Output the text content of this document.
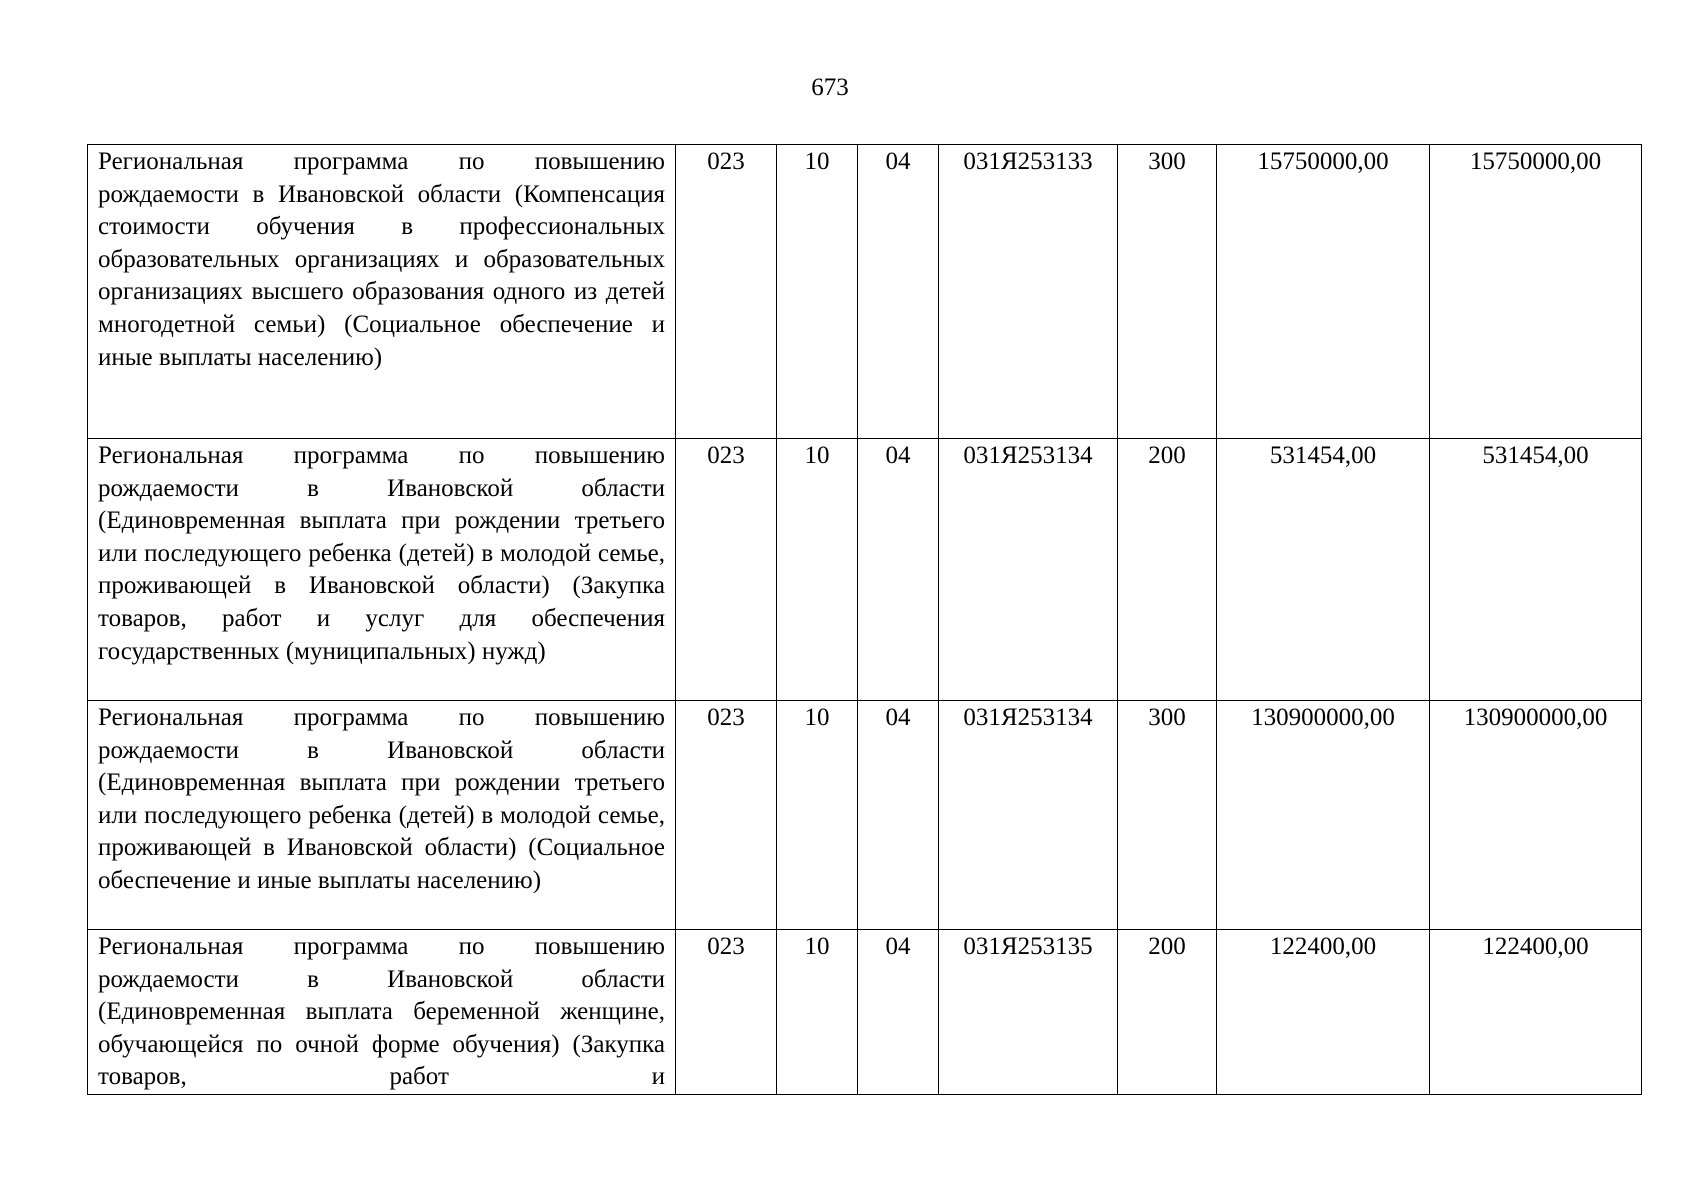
673
Региональная программа по повышению рождаемости в Ивановской области (Компенсация стоимости обучения в профессиональных образовательных организациях и образовательных организациях высшего образования одного из детей многодетной семьи) (Социальное обеспечение и иные выплаты населению)	023	10	04	031Я253133	300	15750000,00	15750000,00
Региональная программа по повышению рождаемости в Ивановской области (Единовременная выплата при рождении третьего или последующего ребенка (детей) в молодой семье, проживающей в Ивановской области) (Закупка товаров, работ и услуг для обеспечения государственных (муниципальных) нужд)	023	10	04	031Я253134	200	531454,00	531454,00
Региональная программа по повышению рождаемости в Ивановской области (Единовременная выплата при рождении третьего или последующего ребенка (детей) в молодой семье, проживающей в Ивановской области) (Социальное обеспечение и иные выплаты населению)	023	10	04	031Я253134	300	130900000,00	130900000,00
Региональная программа по повышению рождаемости в Ивановской области (Единовременная выплата беременной женщине, обучающейся по очной форме обучения) (Закупка товаров, работ и	023	10	04	031Я253135	200	122400,00	122400,00
